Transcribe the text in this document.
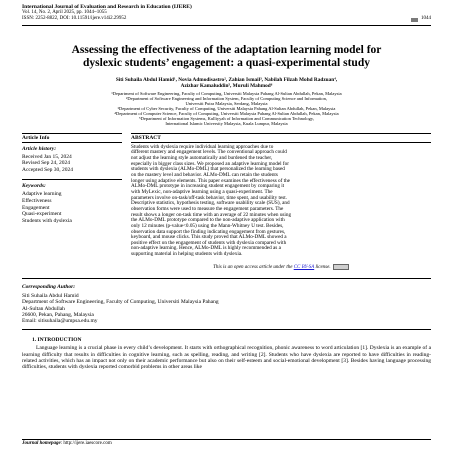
International Journal of Evaluation and Research in Education (IJERE)
Vol. 14, No. 2, April 2025, pp. 1044~1055
ISSN: 2252-8822, DOI: 10.11591/ijere.v14i2.29952	1044
Assessing the effectiveness of the adaptation learning model for
dyslexic students’ engagement: a quasi-experimental study
Siti Suhaila Abdul Hamid¹, Novia Admodisastro², Zahian Ismail³, Nabilah Filzah Mohd Radzuan⁴,
Azizhar Kamaluddin⁵, Muruli Mahmod⁶
¹Department of Software Engineering, Faculty of Computing, Universiti Malaysia Pahang Al-Sultan Abdullah, Pekan, Malaysia
²Department of Software Engineering and Information System, Faculty of Computing Science and Information,
Universiti Putra Malaysia, Serdang, Malaysia
³Department of Cyber Security, Faculty of Computing, Universiti Malaysia Pahang Al-Sultan Abdullah, Pekan, Malaysia
⁴Department of Computer Science, Faculty of Computing, Universiti Malaysia Pahang Al-Sultan Abdullah, Pekan, Malaysia
⁵Department of Information Systems, Kulliyyah of Information and Communication Technology,
International Islamic University Malaysia, Kuala Lumpur, Malaysia
Article Info
Article history:
Received Jan 15, 2024
Revised Sep 24, 2024
Accepted Sep 30, 2024
Keywords:
Adaptive learning
Effectiveness
Engagement
Quasi-experiment
Students with dyslexia
ABSTRACT
Students with dyslexia require individual learning approaches due to
different mastery and engagement levels. The conventional approach could
not adjust the learning style automatically and burdened the teacher,
especially in bigger class sizes. We proposed an adaptive learning model for
students with dyslexia (ALMo-DML) that personalized the learning based
on the mastery level and behavior. ALMo-DML can retain the students
longer using adaptive elements. This paper examines the effectiveness of the
ALMo-DML prototype in increasing student engagement by comparing it
with MyLexic, non-adaptive learning using a quasi-experiment. The
parameters involve on-task/off-task behavior, time spent, and usability test.
Descriptive statistics, hypothesis testing, software usability scale (SUS), and
observation forms were used to measure the engagement parameters. The
result shows a longer on-task time with an average of 22 minutes when using
the ALMo-DML prototype compared to the non-adaptive application with
only 12 minutes (p-value<0.05) using the Mann-Whitney U test. Besides,
observation data support the finding indicating engagement from gestures,
keyboard, and mouse clicks. This study proved that ALMo-DML showed a
positive effect on the engagement of students with dyslexia compared with
non-adaptive learning. Hence, ALMo-DML is highly recommended as a
supporting material in helping students with dyslexia.
This is an open access article under the CC BY-SA license.
Corresponding Author:
Siti Suhaila Abdul Hamid
Department of Software Engineering, Faculty of Computing, Universiti Malaysia Pahang
Al-Sultan Abdullah
26600, Pekan, Pahang, Malaysia
Email: sitisuhaila@umpsa.edu.my
1. INTRODUCTION
Language learning is a crucial phase in every child’s development. It starts with orthographical recognition, phonic awareness to word articulation [1]. Dyslexia is an example of a learning difficulty that results in difficulties in cognitive learning, such as spelling, reading, and writing [2]. Students who have dyslexia are reported to have difficulties in reading-related activities, which has an impact not only on their academic performance but also on their self-esteem and social-emotional development [3]. Besides having language processing difficulties, students with dyslexia reported comorbid problems in other areas like
Journal homepage: http://ijere.iaescore.com
